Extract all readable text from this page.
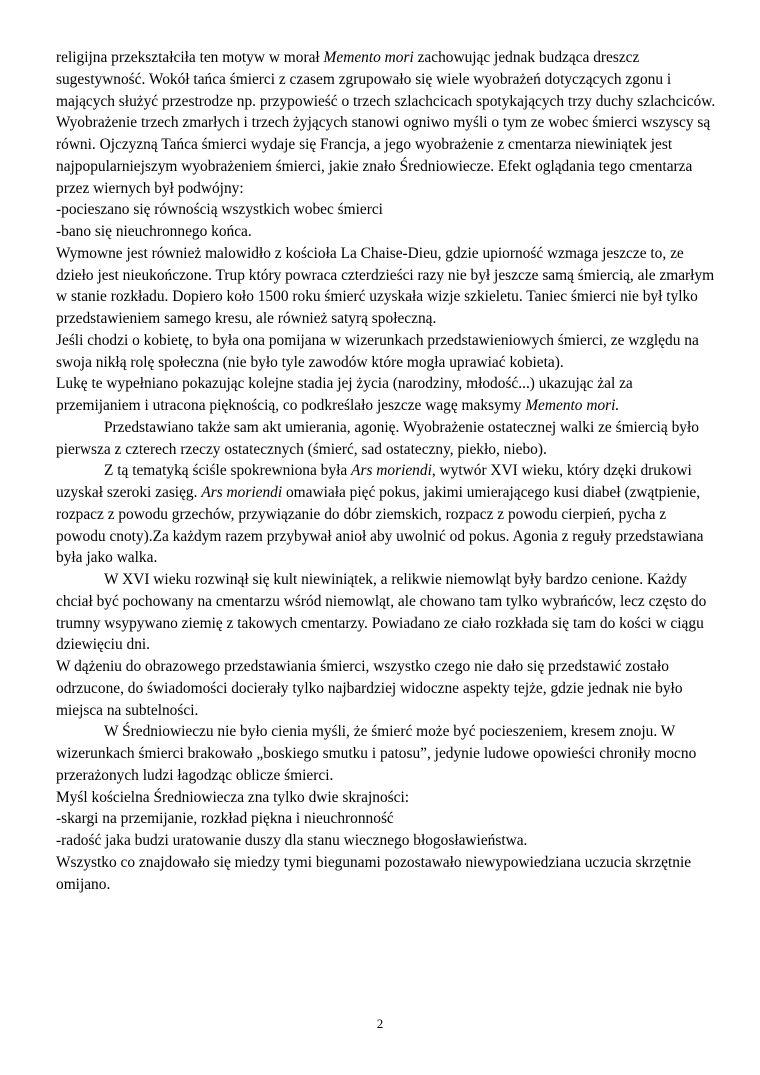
religijna przekształciła ten motyw w morał Memento mori zachowując jednak budząca dreszcz sugestywność. Wokół tańca śmierci z czasem zgrupowało się wiele wyobrażeń dotyczących zgonu i mających służyć przestrodze np. przypowieść o trzech szlachcicach spotykających trzy duchy szlachciców. Wyobrażenie trzech zmarłych i trzech żyjących stanowi ogniwo myśli o tym ze wobec śmierci wszyscy są równi. Ojczyzną Tańca śmierci wydaje się Francja, a jego wyobrażenie z cmentarza niewiniątek jest najpopularniejszym wyobrażeniem śmierci, jakie znało Średniowiecze. Efekt oglądania tego cmentarza przez wiernych był podwójny:

-pocieszano się równością wszystkich wobec śmierci

-bano się nieuchronnego końca.

Wymowne jest również malowidło z kościoła La Chaise-Dieu, gdzie upiorność wzmaga jeszcze to, ze dzieło jest nieukończone. Trup który powraca czterdzieści razy nie był jeszcze samą śmiercią, ale zmarłym w stanie rozkładu. Dopiero koło 1500 roku śmierć uzyskała wizje szkieletu. Taniec śmierci nie był tylko przedstawieniem samego kresu, ale również satyrą społeczną.

Jeśli chodzi o kobietę, to była ona pomijana w wizerunkach przedstawieniowych śmierci, ze względu na swoja nikłą rolę społeczna (nie było tyle zawodów które mogła uprawiać kobieta).

Lukę te wypełniano pokazując kolejne stadia jej życia (narodziny, młodość...) ukazując żal za przemijaniem i utracona pięknością, co podkreślało jeszcze wagę maksymy Memento mori.

Przedstawiano także sam akt umierania, agonię. Wyobrażenie ostatecznej walki ze śmiercią było pierwsza z czterech rzeczy ostatecznych (śmierć, sad ostateczny, piekło, niebo).

Z tą tematyką ściśle spokrewniona była Ars moriendi, wytwór XVI wieku, który dzęki drukowi uzyskał szeroki zasięg. Ars moriendi omawiała pięć pokus, jakimi umierającego kusi diabeł (zwątpienie, rozpacz z powodu grzechów, przywiązanie do dóbr ziemskich, rozpacz z powodu cierpień, pycha z powodu cnoty).Za każdym razem przybywał anioł aby uwolnić od pokus. Agonia z reguły przedstawiana była jako walka.

W XVI wieku rozwinął się kult niewiniątek, a relikwie niemowląt były bardzo cenione. Każdy chciał być pochowany na cmentarzu wśród niemowląt, ale chowano tam tylko wybrańców, lecz często do trumny wsypywano ziemię z takowych cmentarzy. Powiadano ze ciało rozkłada się tam do kości w ciągu dziewięciu dni.

W dążeniu do obrazowego przedstawiania śmierci, wszystko czego nie dało się przedstawić zostało odrzucone, do świadomości docierały tylko najbardziej widoczne aspekty tejże, gdzie jednak nie było miejsca na subtelności.

W Średniowieczu nie było cienia myśli, że śmierć może być pocieszeniem, kresem znoju. W wizerunkach śmierci brakowało „boskiego smutku i patosu”, jedynie ludowe opowieści chroniły mocno przerażonych ludzi łagodząc oblicze śmierci.

Myśl kościelna Średniowiecza zna tylko dwie skrajności:

-skargi na przemijanie, rozkład piękna i nieuchronność

-radość jaka budzi uratowanie duszy dla stanu wiecznego błogosławieństwa.

Wszystko co znajdowało się miedzy tymi biegunami pozostawało niewypowiedziana uczucia skrzętnie omijano.

2
